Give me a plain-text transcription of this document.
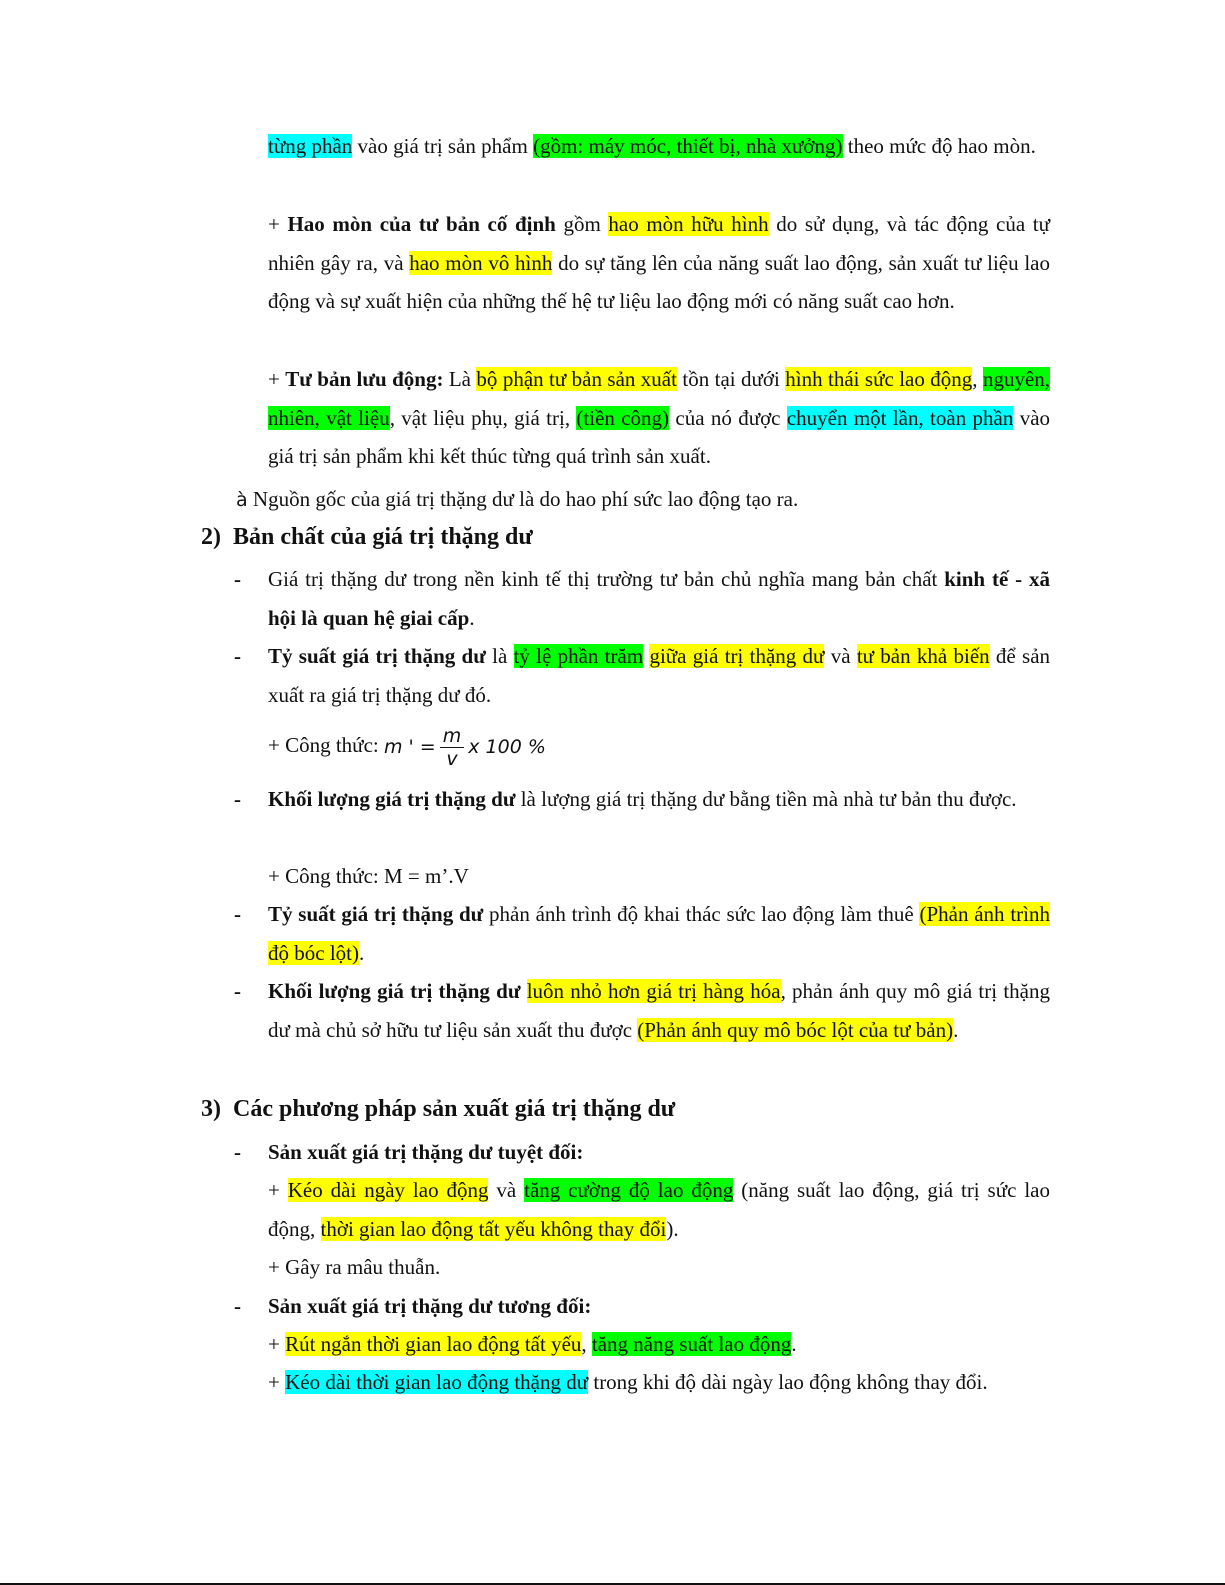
từng phần vào giá trị sản phẩm (gồm: máy móc, thiết bị, nhà xưởng) theo mức độ hao mòn.

+ Hao mòn của tư bản cố định gồm hao mòn hữu hình do sử dụng, và tác động của tự nhiên gây ra, và hao mòn vô hình do sự tăng lên của năng suất lao động, sản xuất tư liệu lao động và sự xuất hiện của những thế hệ tư liệu lao động mới có năng suất cao hơn.

+ Tư bản lưu động: Là bộ phận tư bản sản xuất tồn tại dưới hình thái sức lao động, nguyên, nhiên, vật liệu, vật liệu phụ, giá trị, (tiền công) của nó được chuyển một lần, toàn phần vào giá trị sản phẩm khi kết thúc từng quá trình sản xuất.

à Nguồn gốc của giá trị thặng dư là do hao phí sức lao động tạo ra.
2) Bản chất của giá trị thặng dư
- Giá trị thặng dư trong nền kinh tế thị trường tư bản chủ nghĩa mang bản chất kinh tế - xã hội là quan hệ giai cấp.

- Tỷ suất giá trị thặng dư là tỷ lệ phần trăm giữa giá trị thặng dư và tư bản khả biến để sản xuất ra giá trị thặng dư đó.

+ Công thức: m ' = $\frac{m}{v}$ x 100 %
- Khối lượng giá trị thặng dư là lượng giá trị thặng dư bằng tiền mà nhà tư bản thu được.

+ Công thức: M = m’.V

- Tỷ suất giá trị thặng dư phản ánh trình độ khai thác sức lao động làm thuê (Phản ánh trình độ bóc lột).

- Khối lượng giá trị thặng dư luôn nhỏ hơn giá trị hàng hóa, phản ánh quy mô giá trị thặng dư mà chủ sở hữu tư liệu sản xuất thu được (Phản ánh quy mô bóc lột của tư bản).

3) Các phương pháp sản xuất giá trị thặng dư
- Sản xuất giá trị thặng dư tuyệt đối:

+ Kéo dài ngày lao động và tăng cường độ lao động (năng suất lao động, giá trị sức lao động, thời gian lao động tất yếu không thay đổi).

+ Gây ra mâu thuẫn.

- Sản xuất giá trị thặng dư tương đối:

+ Rút ngắn thời gian lao động tất yếu, tăng năng suất lao động.

+ Kéo dài thời gian lao động thặng dư trong khi độ dài ngày lao động không thay đổi.
